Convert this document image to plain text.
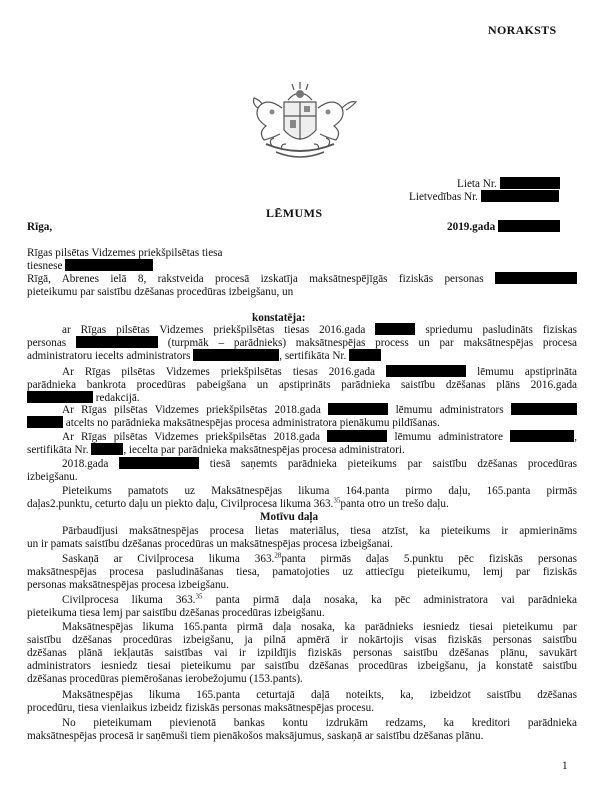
NORAKSTS
Lieta Nr.
Lietvedības Nr.
LĒMUMS
Rīga,	2019.gada
Rīgas pilsētas Vidzemes priekšpilsētas tiesa
tiesnese
Rīgā, Abrenes ielā 8, rakstveida procesā izskatīja maksātnespējīgās fiziskās personas
pieteikumu par saistību dzēšanas procedūras izbeigšanu, un
konstatēja:
ar Rīgas pilsētas Vidzemes priekšpilsētas tiesas 2016.gada	spriedumu pasludināts fiziskas
personas	(turpmāk – parādnieks) maksātnespējas process un par maksātnespējas procesa
administratoru iecelts administrators	, sertifikāta Nr.
Ar Rīgas pilsētas Vidzemes priekšpilsētas tiesas 2016.gada	lēmumu apstiprināta
parādnieka bankrota procedūras pabeigšana un apstiprināts parādnieka saistību dzēšanas plāns 2016.gada
redakcijā.
Ar Rīgas pilsētas Vidzemes priekšpilsētas 2018.gada	lēmumu administrators
atcelts no parādnieka maksātnespējas procesa administratora pienākumu pildīšanas.
Ar Rīgas pilsētas Vidzemes priekšpilsētas 2018.gada	lēmumu administratore	,
sertifikāta Nr.	, iecelta par parādnieka maksātnespējas procesa administratori.
2018.gada	tiesā saņemts parādnieka pieteikums par saistību dzēšanas procedūras
izbeigšanu.
Pieteikums pamatots uz Maksātnespējas likuma 164.panta pirmo daļu, 165.panta pirmās
daļas2.punktu, ceturto daļu un piekto daļu, Civilprocesa likuma 363.35panta otro un trešo daļu.
Motīvu daļa
Pārbaudījusi maksātnespējas procesa lietas materiālus, tiesa atzīst, ka pieteikums ir apmierināms
un ir pamats saistību dzēšanas procedūras un maksātnespējas procesa izbeigšanai.
Saskaņā ar Civilprocesa likuma 363.28panta pirmās daļas 5.punktu pēc fiziskās personas
maksātnespējas procesa pasludināšanas tiesa, pamatojoties uz attiecīgu pieteikumu, lemj par fiziskās
personas maksātnespējas procesa izbeigšanu.
Civilprocesa likuma 363.35 panta pirmā daļa nosaka, ka pēc administratora vai parādnieka
pieteikuma tiesa lemj par saistību dzēšanas procedūras izbeigšanu.
Maksātnespējas likuma 165.panta pirmā daļa nosaka, ka parādnieks iesniedz tiesai pieteikumu par
saistību dzēšanas procedūras izbeigšanu, ja pilnā apmērā ir nokārtojis visas fiziskās personas saistību
dzēšanas plānā iekļautās saistības vai ir izpildījis fiziskās personas saistību dzēšanas plānu, savukārt
administrators iesniedz tiesai pieteikumu par saistību dzēšanas procedūras izbeigšanu, ja konstatē saistību
dzēšanas procedūras piemērošanas ierobežojumu (153.pants).
Maksātnespējas likuma 165.panta ceturtajā daļā noteikts, ka, izbeidzot saistību dzēšanas
procedūru, tiesa vienlaikus izbeidz fiziskās personas maksātnespējas procesu.
No pieteikumam pievienotā bankas kontu izdrukām redzams, ka kreditori parādnieka
maksātnespējas procesā ir saņēmuši tiem pienākošos maksājumus, saskaņā ar saistību dzēšanas plānu.
1
